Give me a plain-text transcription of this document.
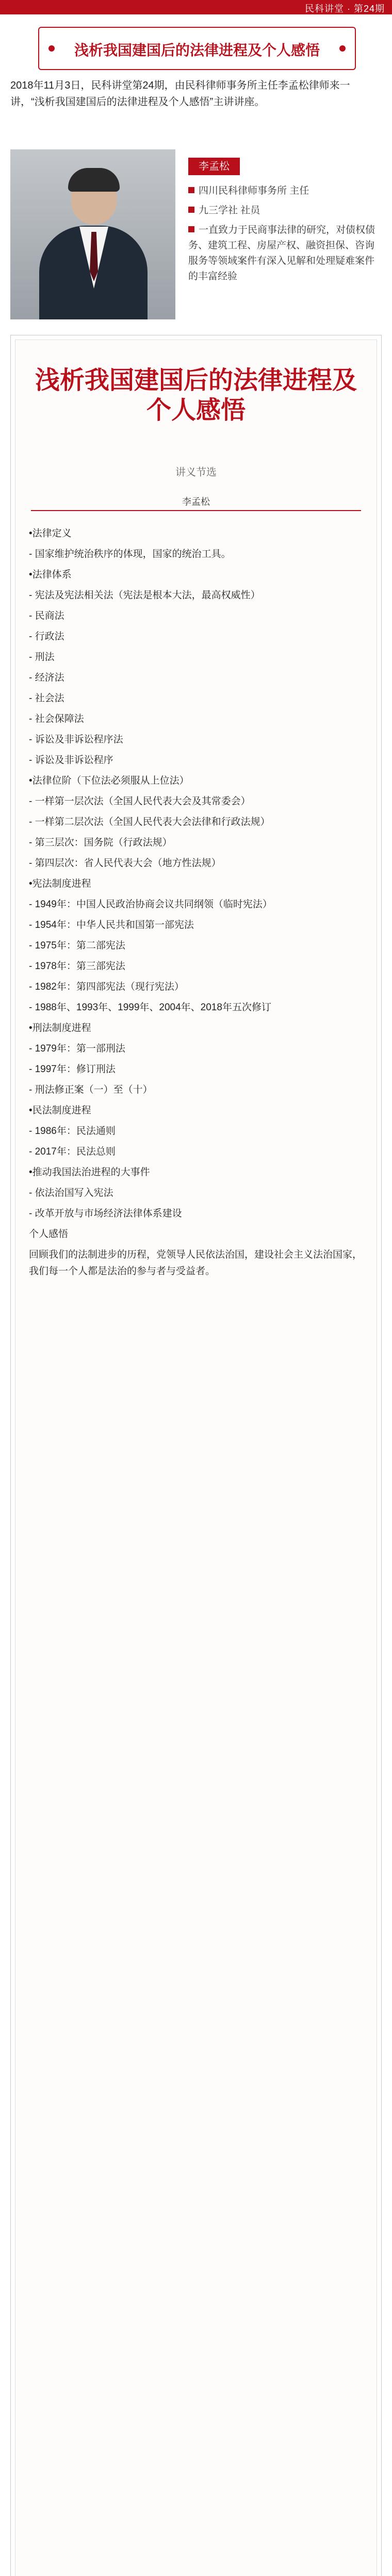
民科讲堂 · 第24期
浅析我国建国后的法律进程及个人感悟
2018年11月3日，民科讲堂第24期，由民科律师事务所主任李孟松律师来一讲，“浅析我国建国后的法律进程及个人感悟”主讲讲座。
李孟松
四川民科律师事务所 主任
九三学社 社员
一直致力于民商事法律的研究，对债权债务、建筑工程、房屋产权、融资担保、咨询服务等领域案件有深入见解和处理疑难案件的丰富经验
浅析我国建国后的法律进程及个人感悟
讲义节选
李孟松

•法律定义

- 国家维护统治秩序的体现，国家的统治工具。

•法律体系

- 宪法及宪法相关法（宪法是根本大法，最高权威性）

- 民商法

- 行政法

- 刑法

- 经济法

- 社会法

- 社会保障法

- 诉讼及非诉讼程序法

- 诉讼及非诉讼程序

•法律位阶（下位法必须服从上位法）

- 一样第一层次法（全国人民代表大会及其常委会）

- 一样第二层次法（全国人民代表大会法律和行政法规）

- 第三层次：国务院（行政法规）

- 第四层次：省人民代表大会（地方性法规）

•宪法制度进程

- 1949年：中国人民政治协商会议共同纲领（临时宪法）

- 1954年：中华人民共和国第一部宪法

- 1975年：第二部宪法

- 1978年：第三部宪法

- 1982年：第四部宪法（现行宪法）

- 1988年、1993年、1999年、2004年、2018年五次修订

•刑法制度进程

- 1979年：第一部刑法

- 1997年：修订刑法

- 刑法修正案（一）至（十）

•民法制度进程

- 1986年：民法通则

- 2017年：民法总则

•推动我国法治进程的大事件

- 依法治国写入宪法

- 改革开放与市场经济法律体系建设

个人感悟

回顾我们的法制进步的历程，党领导人民依法治国，建设社会主义法治国家，我们每一个人都是法治的参与者与受益者。
